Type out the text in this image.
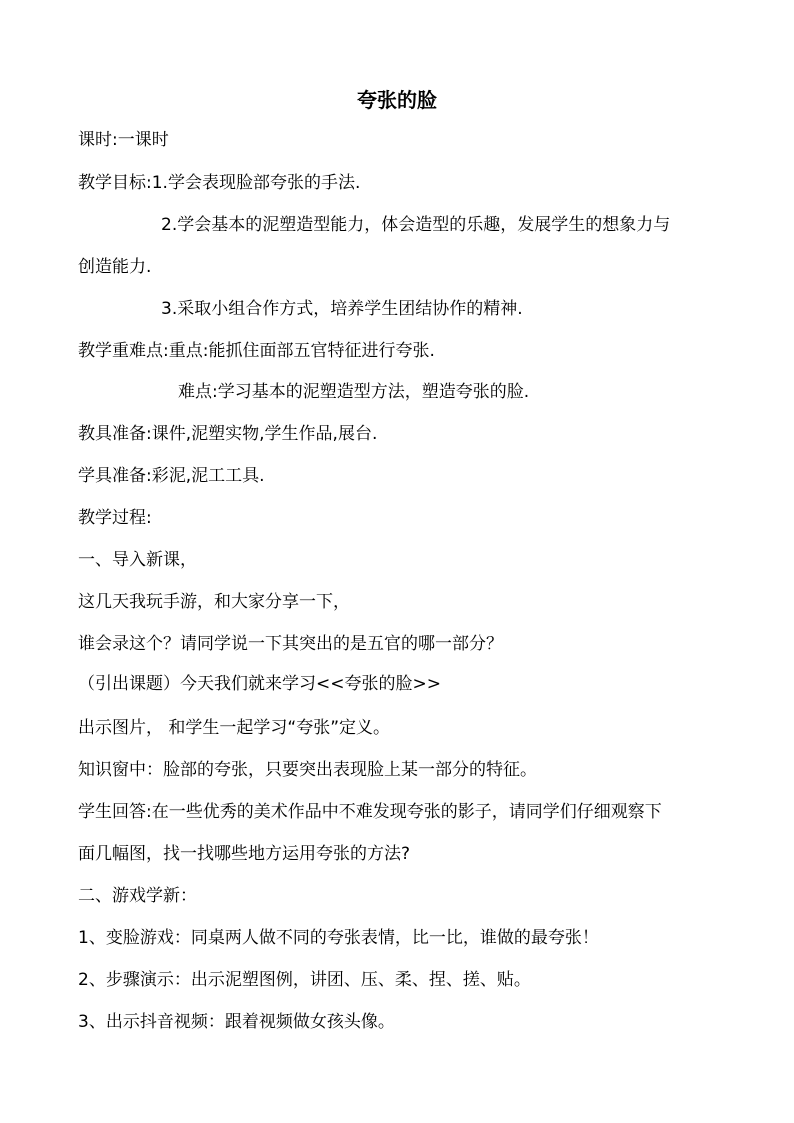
夸张的脸
课时:一课时
教学目标:1.学会表现脸部夸张的手法.
2.学会基本的泥塑造型能力，体会造型的乐趣，发展学生的想象力与
创造能力.
3.采取小组合作方式，培养学生团结协作的精神.
教学重难点:重点:能抓住面部五官特征进行夸张.
难点:学习基本的泥塑造型方法，塑造夸张的脸.
教具准备:课件,泥塑实物,学生作品,展台.
学具准备:彩泥,泥工工具.
教学过程:
一、导入新课，
这几天我玩手游，和大家分享一下，
谁会录这个？请同学说一下其突出的是五官的哪一部分？
（引出课题）今天我们就来学习<<夸张的脸>>
出示图片， 和学生一起学习“夸张”定义。
知识窗中：脸部的夸张，只要突出表现脸上某一部分的特征。
学生回答:在一些优秀的美术作品中不难发现夸张的影子，请同学们仔细观察下
面几幅图，找一找哪些地方运用夸张的方法?
二、游戏学新：
1、变脸游戏：同桌两人做不同的夸张表情，比一比，谁做的最夸张！
2、步骤演示：出示泥塑图例，讲团、压、柔、捏、搓、贴。
3、出示抖音视频：跟着视频做女孩头像。
